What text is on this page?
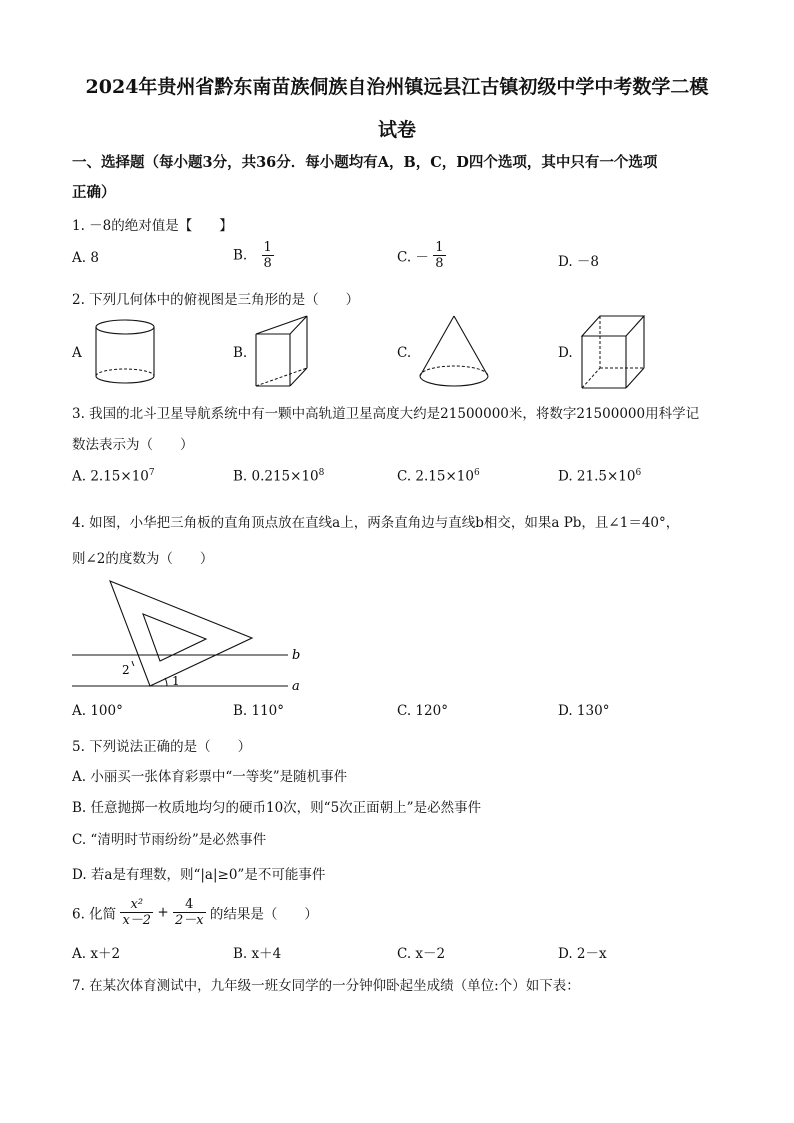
2024年贵州省黔东南苗族侗族自治州镇远县江古镇初级中学中考数学二模
试卷
一、选择题（每小题3分，共36分．每小题均有A，B，C，D四个选项，其中只有一个选项
正确）
1. －8的绝对值是【　　】
A. 8	B. $\frac{1}{8}$	C. － $\frac{1}{8}$	D. －8
2. 下列几何体中的俯视图是三角形的是（　　）
A	B.	C.	D.
3. 我国的北斗卫星导航系统中有一颗中高轨道卫星高度大约是21500000米，将数字21500000用科学记
数法表示为（　　）
A. $2.15\times 10^7$	B. $0.215\times 10^8$	C. $2.15\times 10^6$	D. $21.5\times 10^6$
4. 如图，小华把三角板的直角顶点放在直线a上，两条直角边与直线b相交，如果a Pb，且∠1＝40°，
则∠2的度数为（　　）
b
a
1
2
A. 100°	B. 110°	C. 120°	D. 130°
5. 下列说法正确的是（　　）
A. 小丽买一张体育彩票中“一等奖”是随机事件
B. 任意抛掷一枚质地均匀的硬币10次，则“5次正面朝上”是必然事件
C. “清明时节雨纷纷”是必然事件
D. 若a是有理数，则“|a|≥0”是不可能事件
6. 化简 $\frac{\text{x²}}{x-2} + \frac{4}{2-x}$ 的结果是（　　）
A. x＋2	B. x＋4	C. x－2	D. 2－x
7. 在某次体育测试中，九年级一班女同学的一分钟仰卧起坐成绩（单位:个）如下表：
